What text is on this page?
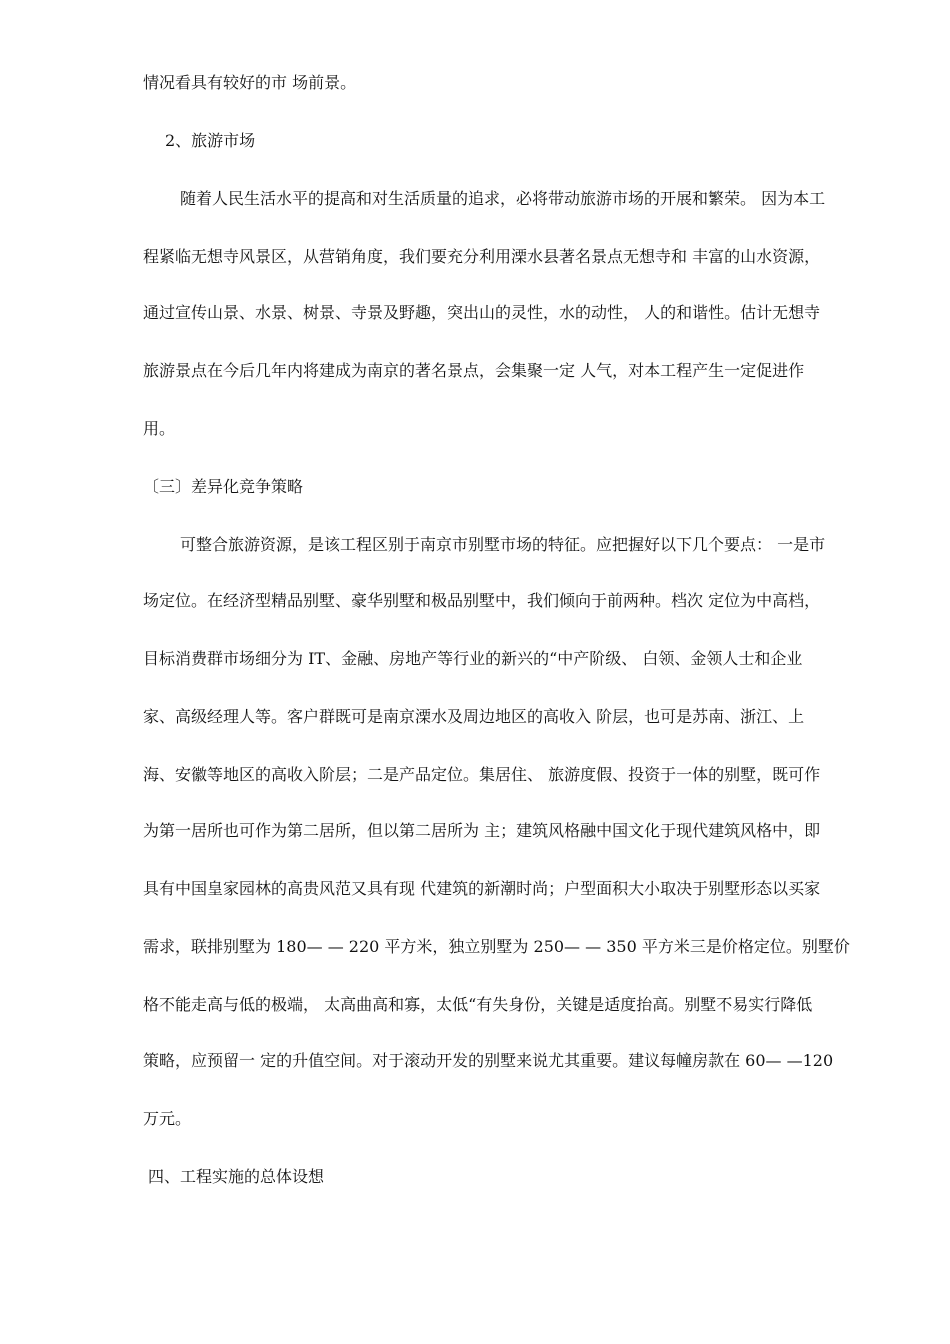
情况看具有较好的市 场前景。
2、旅游市场
随着人民生活水平的提高和对生活质量的追求，必将带动旅游市场的开展和繁荣。 因为本工
程紧临无想寺风景区，从营销角度，我们要充分利用溧水县著名景点无想寺和 丰富的山水资源，
通过宣传山景、水景、树景、寺景及野趣，突出山的灵性，水的动性， 人的和谐性。估计无想寺
旅游景点在今后几年内将建成为南京的著名景点，会集聚一定 人气，对本工程产生一定促进作
用。
〔三〕差异化竞争策略
可整合旅游资源，是该工程区别于南京市别墅市场的特征。应把握好以下几个要点： 一是市
场定位。在经济型精品别墅、豪华别墅和极品别墅中，我们倾向于前两种。档次 定位为中高档，
目标消费群市场细分为 IT、金融、房地产等行业的新兴的“中产阶级、 白领、金领人士和企业
家、高级经理人等。客户群既可是南京溧水及周边地区的高收入 阶层，也可是苏南、浙江、上
海、安徽等地区的高收入阶层；二是产品定位。集居住、 旅游度假、投资于一体的别墅，既可作
为第一居所也可作为第二居所，但以第二居所为 主；建筑风格融中国文化于现代建筑风格中，即
具有中国皇家园林的高贵风范又具有现 代建筑的新潮时尚；户型面积大小取决于别墅形态以买家
需求，联排别墅为 180— — 220 平方米，独立别墅为 250— — 350 平方米三是价格定位。别墅价
格不能走高与低的极端， 太高曲高和寡，太低“有失身份，关键是适度抬高。别墅不易实行降低
策略，应预留一 定的升值空间。对于滚动开发的别墅来说尤其重要。建议每幢房款在 60— —120
万元。
四、工程实施的总体设想
